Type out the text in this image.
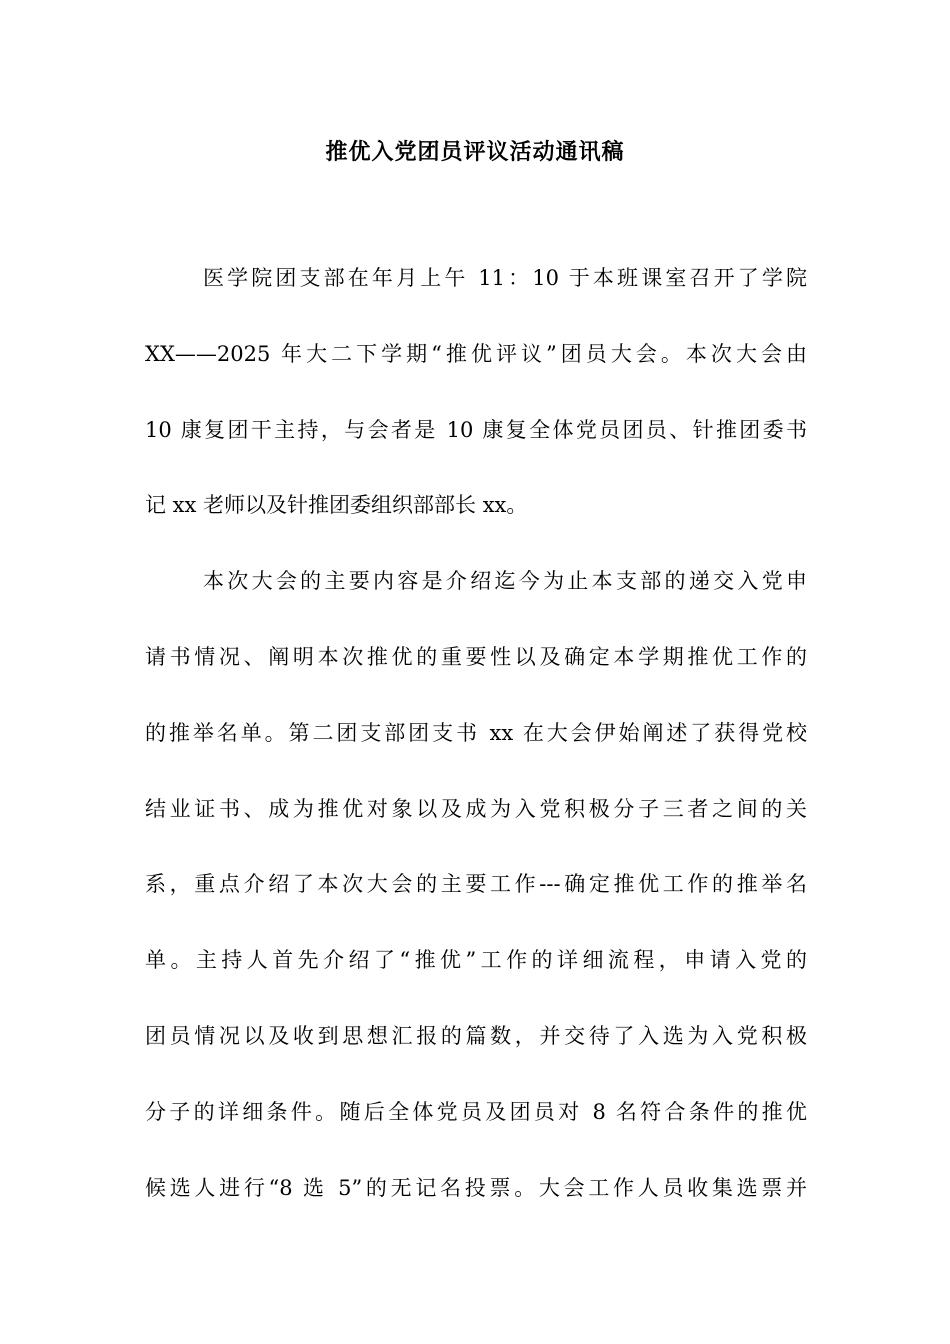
推优入党团员评议活动通讯稿
医学院团支部在年月上午 11：10 于本班课室召开了学院
XX——2025 年大二下学期“推优评议”团员大会。本次大会由
10 康复团干主持，与会者是 10 康复全体党员团员、针推团委书
记 xx 老师以及针推团委组织部部长 xx。
本次大会的主要内容是介绍迄今为止本支部的递交入党申
请书情况、阐明本次推优的重要性以及确定本学期推优工作的
的推举名单。第二团支部团支书 xx 在大会伊始阐述了获得党校
结业证书、成为推优对象以及成为入党积极分子三者之间的关
系，重点介绍了本次大会的主要工作---确定推优工作的推举名
单。主持人首先介绍了“推优”工作的详细流程，申请入党的
团员情况以及收到思想汇报的篇数，并交待了入选为入党积极
分子的详细条件。随后全体党员及团员对 8 名符合条件的推优
候选人进行“8 选 5”的无记名投票。大会工作人员收集选票并
